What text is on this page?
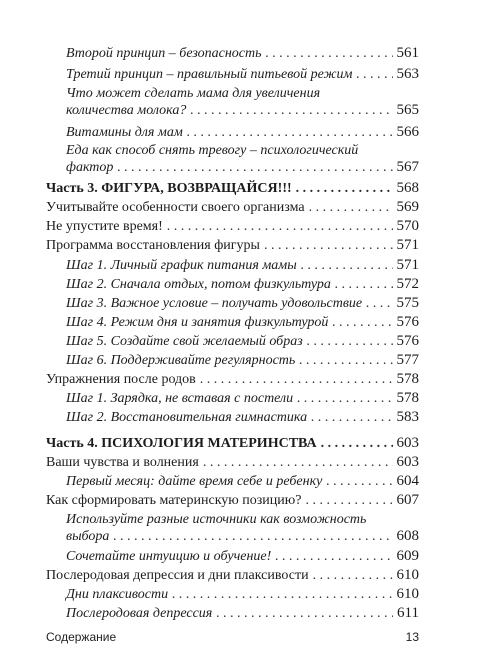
Второй принцип – безопасность . . .	561
Третий принцип – правильный питьевой режим . . .	563
Что может сделать мама для увеличения
количества молока? . . .	565
Витамины для мам . . .	566
Еда как способ снять тревогу – психологический
фактор . . .	567
Часть 3. ФИГУРА, ВОЗВРАЩАЙСЯ!!! . . .	568
Учитывайте особенности своего организма . . .	569
Не упустите время! . . .	570
Программа восстановления фигуры . . .	571
Шаг 1. Личный график питания мамы . . .	571
Шаг 2. Сначала отдых, потом физкультура . . .	572
Шаг 3. Важное условие – получать удовольствие . . . 575
Шаг 4. Режим дня и занятия физкультурой . . .	576
Шаг 5. Создайте свой желаемый образ . . .	576
Шаг 6. Поддерживайте регулярность . . .	577
Упражнения после родов . . .	578
Шаг 1. Зарядка, не вставая с постели . . .	578
Шаг 2. Восстановительная гимнастика . . .	583
Часть 4. ПСИХОЛОГИЯ МАТЕРИНСТВА . . .	603
Ваши чувства и волнения . . .	603
Первый месяц: дайте время себе и ребенку . . .	604
Как сформировать материнскую позицию? . . .	607
Используйте разные источники как возможность
выбора . . .	608
Сочетайте интуицию и обучение! . . .	609
Послеродовая депрессия и дни плаксивости . . .	610
Дни плаксивости . . .	610
Послеродовая депрессия . . .	611
Содержание	13
